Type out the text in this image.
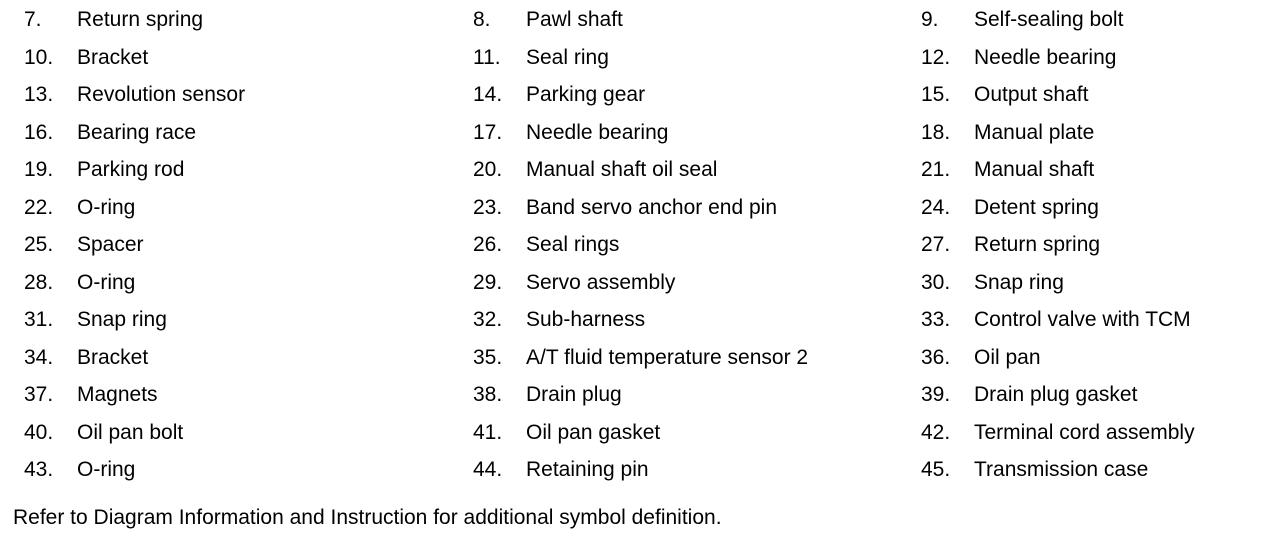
7. Return spring	8. Pawl shaft	9. Self-sealing bolt
10. Bracket	11. Seal ring	12. Needle bearing
13. Revolution sensor	14. Parking gear	15. Output shaft
16. Bearing race	17. Needle bearing	18. Manual plate
19. Parking rod	20. Manual shaft oil seal	21. Manual shaft
22. O-ring	23. Band servo anchor end pin	24. Detent spring
25. Spacer	26. Seal rings	27. Return spring
28. O-ring	29. Servo assembly	30. Snap ring
31. Snap ring	32. Sub-harness	33. Control valve with TCM
34. Bracket	35. A/T fluid temperature sensor 2	36. Oil pan
37. Magnets	38. Drain plug	39. Drain plug gasket
40. Oil pan bolt	41. Oil pan gasket	42. Terminal cord assembly
43. O-ring	44. Retaining pin	45. Transmission case
Refer to Diagram Information and Instruction for additional symbol definition.
